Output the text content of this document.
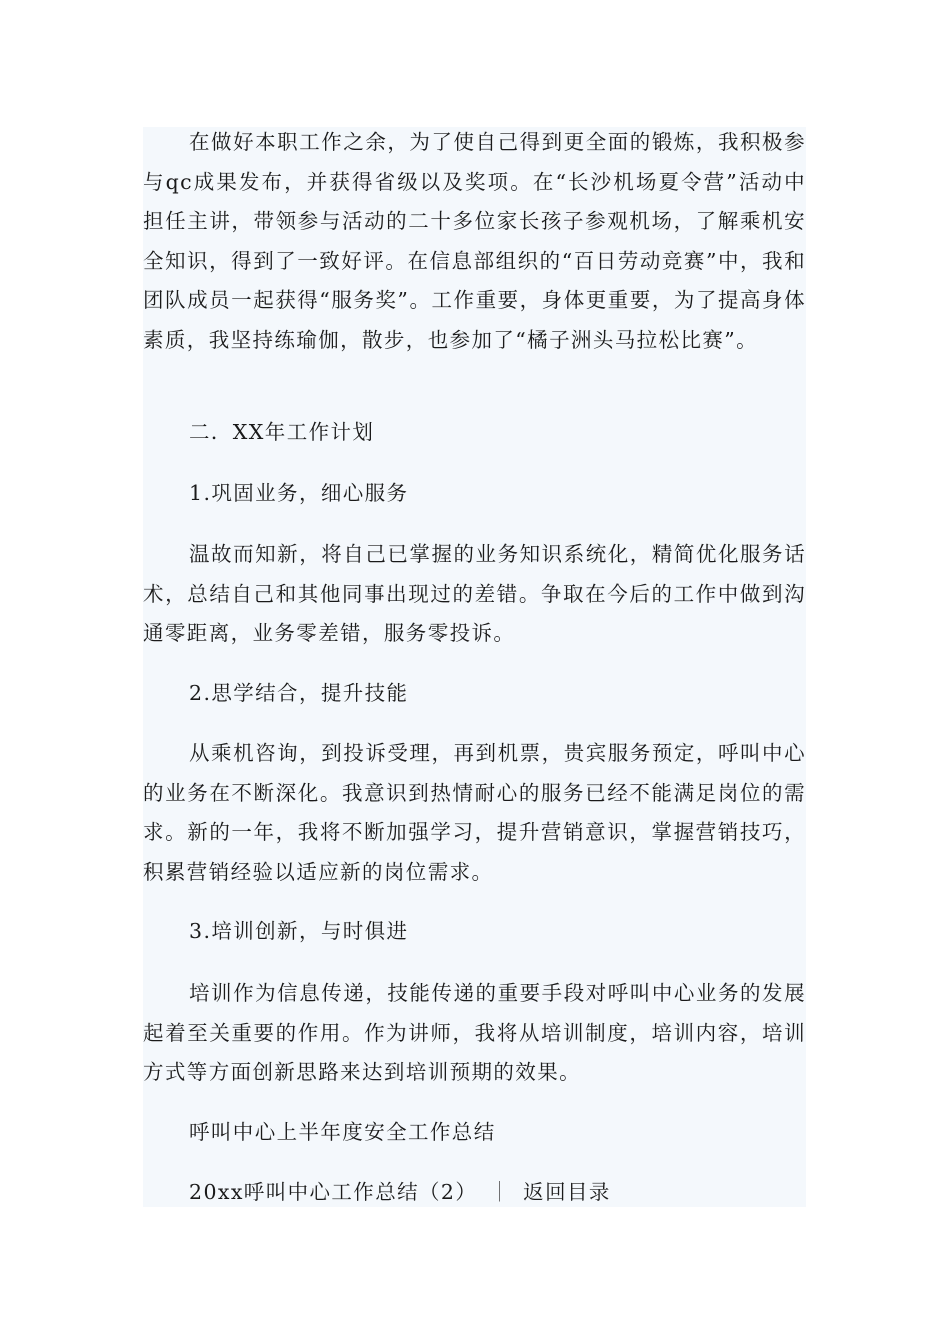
在做好本职工作之余，为了使自己得到更全面的锻炼，我积极参与qc成果发布，并获得省级以及奖项。在“长沙机场夏令营”活动中担任主讲，带领参与活动的二十多位家长孩子参观机场，了解乘机安全知识，得到了一致好评。在信息部组织的“百日劳动竞赛”中，我和团队成员一起获得“服务奖”。工作重要，身体更重要，为了提高身体素质，我坚持练瑜伽，散步，也参加了“橘子洲头马拉松比赛”。

二．XX年工作计划

1.巩固业务，细心服务

温故而知新，将自己已掌握的业务知识系统化，精简优化服务话术，总结自己和其他同事出现过的差错。争取在今后的工作中做到沟通零距离，业务零差错，服务零投诉。

2.思学结合，提升技能

从乘机咨询，到投诉受理，再到机票，贵宾服务预定，呼叫中心的业务在不断深化。我意识到热情耐心的服务已经不能满足岗位的需求。新的一年，我将不断加强学习，提升营销意识，掌握营销技巧，积累营销经验以适应新的岗位需求。

3.培训创新，与时俱进

培训作为信息传递，技能传递的重要手段对呼叫中心业务的发展起着至关重要的作用。作为讲师，我将从培训制度，培训内容，培训方式等方面创新思路来达到培训预期的效果。

呼叫中心上半年度安全工作总结

20xx呼叫中心工作总结（2） ｜ 返回目录
